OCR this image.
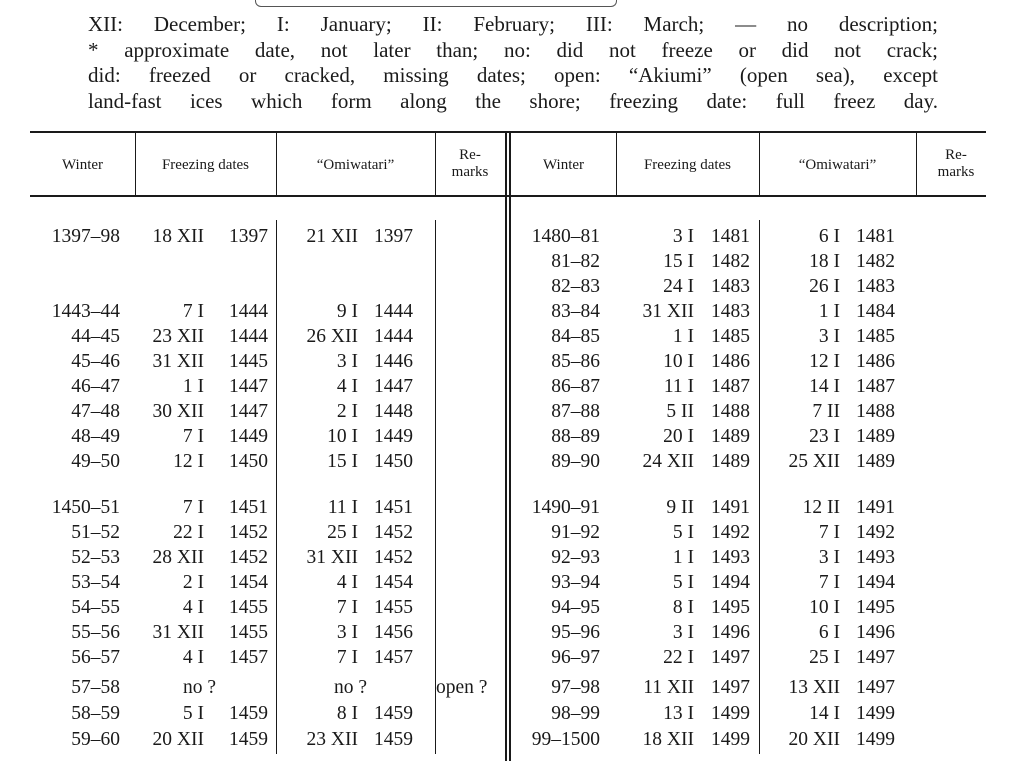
XII: December; I: January; II: February; III: March; — no description;
* approximate date, not later than; no: did not freeze or did not crack;
did: freezed or cracked, missing dates; open: “Akiumi” (open sea), except
land-fast ices which form along the shore; freezing date: full freez day.
Winter	Freezing dates	“Omiwatari”
Re-
marks	Winter	Freezing dates	“Omiwatari”
Re-
marks
1397–98	18 XII	1397	21 XII 1397
1443–44	7 I	1444	9 I 1444
44–45	23 XII	1444	26 XII 1444
45–46	31 XII	1445	3 I 1446
46–47	1 I	1447	4 I 1447
47–48	30 XII	1447	2 I 1448
48–49	7 I	1449	10 I 1449
49–50	12 I	1450	15 I 1450
1450–51	7 I	1451	11 I 1451
51–52	22 I	1452	25 I 1452
52–53	28 XII	1452	31 XII 1452
53–54	2 I	1454	4 I 1454
54–55	4 I	1455	7 I 1455
55–56	31 XII	1455	3 I 1456
56–57	4 I	1457	7 I 1457
57–58	no ?	no ?	open ?
58–59	5 I	1459	8 I 1459
59–60	20 XII	1459	23 XII 1459
1480–81	3 I 1481	6 I 1481
81–82	15 I 1482	18 I 1482
82–83	24 I 1483	26 I 1483
83–84	31 XII 1483	1 I 1484
84–85	1 I 1485	3 I 1485
85–86	10 I 1486	12 I 1486
86–87	11 I 1487	14 I 1487
87–88	5 II 1488	7 II 1488
88–89	20 I 1489	23 I 1489
89–90	24 XII 1489	25 XII 1489
1490–91	9 II 1491	12 II 1491
91–92	5 I 1492	7 I 1492
92–93	1 I 1493	3 I 1493
93–94	5 I 1494	7 I 1494
94–95	8 I 1495	10 I 1495
95–96	3 I 1496	6 I 1496
96–97	22 I 1497	25 I 1497
97–98	11 XII 1497	13 XII 1497
98–99	13 I 1499	14 I 1499
99–1500	18 XII 1499	20 XII 1499
